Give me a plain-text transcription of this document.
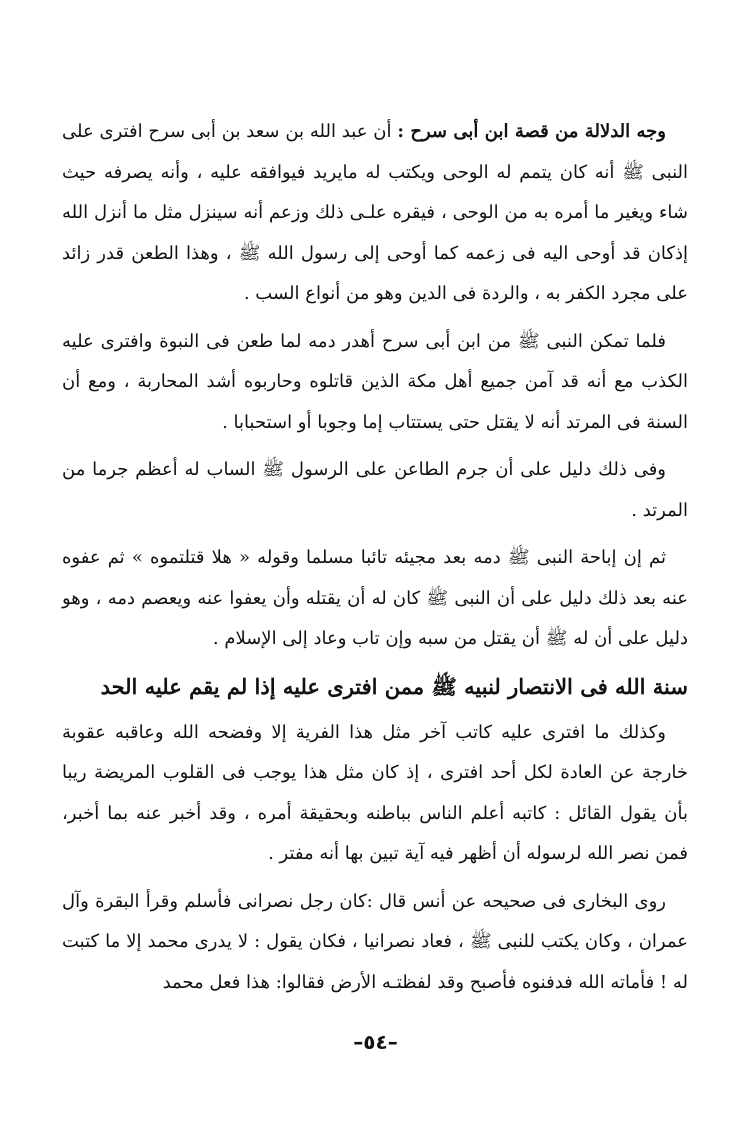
وجه الدلالة من قصة ابن أبى سرح : أن عبد الله بن سعد بن أبى سرح افترى على النبى ﷺ أنه كان يتمم له الوحى ويكتب له مايريد فيوافقه عليه ، وأنه يصرفه حيث شاء ويغير ما أمره به من الوحى ، فيقره علـى ذلك وزعم أنه سينزل مثل ما أنزل الله إذكان قد أوحى اليه فى زعمه كما أوحى إلى رسول الله ﷺ ، وهذا الطعن قدر زائد على مجرد الكفر به ، والردة فى الدين وهو من أنواع السب .

فلما تمكن النبى ﷺ من ابن أبى سرح أهدر دمه لما طعن فى النبوة وافترى عليه الكذب مع أنه قد آمن جميع أهل مكة الذين قاتلوه وحاربوه أشد المحاربة ، ومع أن السنة فى المرتد أنه لا يقتل حتى يستتاب إما وجوبا أو استحبابا .

وفى ذلك دليل على أن جرم الطاعن على الرسول ﷺ الساب له أعظم جرما من المرتد .

ثم إن إباحة النبى ﷺ دمه بعد مجيئه تائبا مسلما وقوله « هلا قتلتموه » ثم عفوه عنه بعد ذلك دليل على أن النبى ﷺ كان له أن يقتله وأن يعفوا عنه ويعصم دمه ، وهو دليل على أن له ﷺ أن يقتل من سبه وإن تاب وعاد إلى الإسلام .

سنة الله فى الانتصار لنبيه ﷺ ممن افترى عليه إذا لم يقم عليه الحد

وكذلك ما افترى عليه كاتب آخر مثل هذا الفرية إلا وفضحه الله وعاقبه عقوبة خارجة عن العادة لكل أحد افترى ، إذ كان مثل هذا يوجب فى القلوب المريضة ريبا بأن يقول القائل : كاتبه أعلم الناس بباطنه وبحقيقة أمره ، وقد أخبر عنه بما أخبر، فمن نصر الله لرسوله أن أظهر فيه آية تبين بها أنه مفتر .

روى البخارى فى صحيحه عن أنس قال :كان رجل نصرانى فأسلم وقرأ البقرة وآل عمران ، وكان يكتب للنبى ﷺ ، فعاد نصرانيا ، فكان يقول : لا يدرى محمد إلا ما كتبت له ! فأماته الله فدفنوه فأصبح وقد لفظتـه الأرض فقالوا: هذا فعل محمد

–٥٤–
